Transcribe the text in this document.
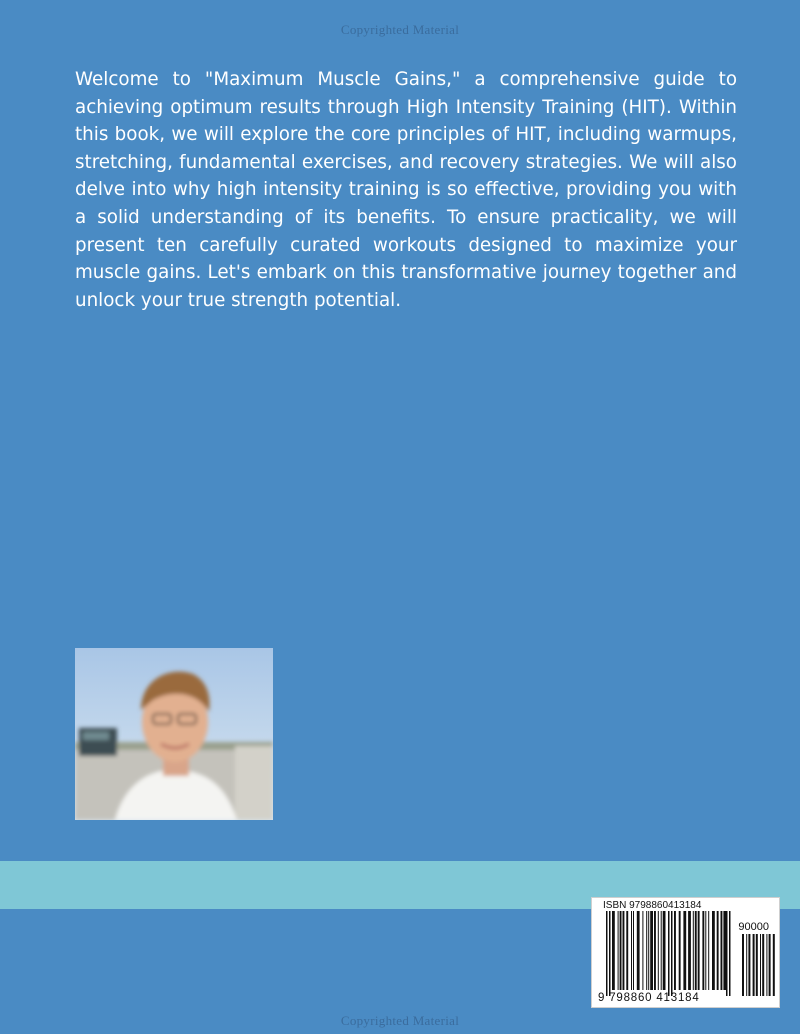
Copyrighted Material

Welcome to "Maximum Muscle Gains," a comprehensive guide to achieving optimum results through High Intensity Training (HIT). Within this book, we will explore the core principles of HIT, including warmups, stretching, fundamental exercises, and recovery strategies. We will also delve into why high intensity training is so effective, providing you with a solid understanding of its benefits. To ensure practicality, we will present ten carefully curated workouts designed to maximize your muscle gains. Let's embark on this transformative journey together and unlock your true strength potential.

ISBN 9798860413184
90000
9 798860 413184
Copyrighted Material
